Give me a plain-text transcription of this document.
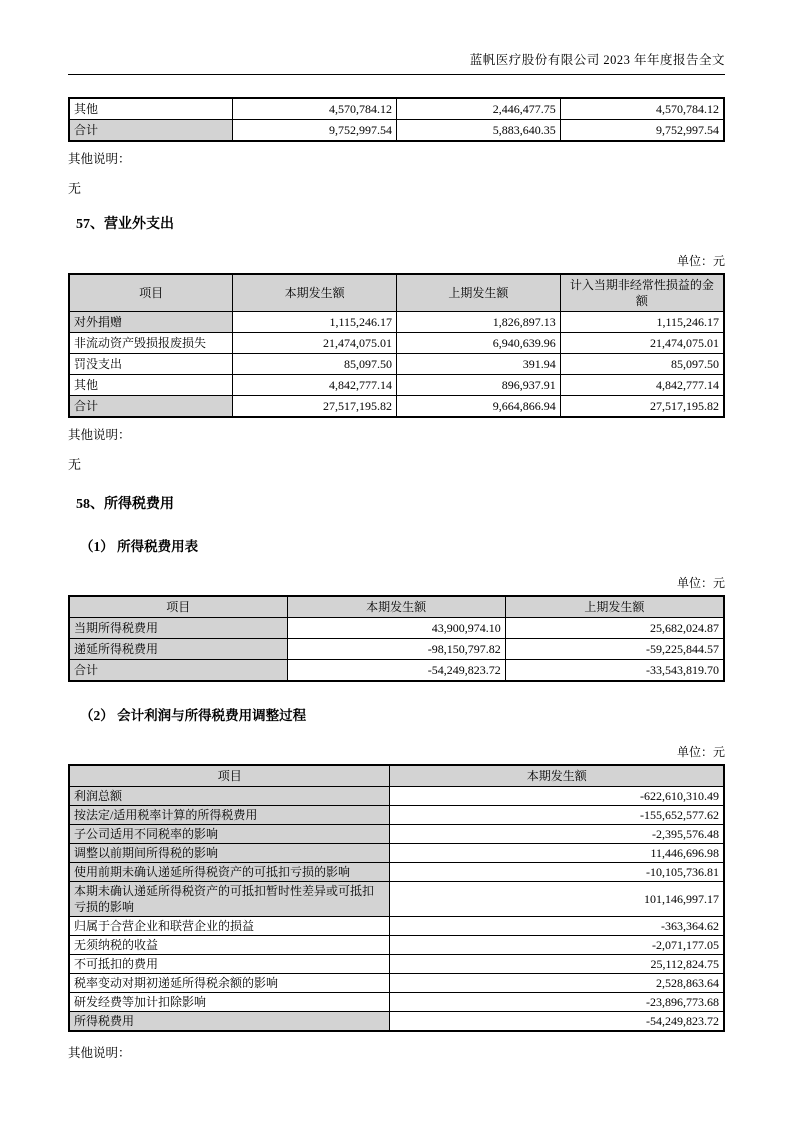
蓝帆医疗股份有限公司 2023 年年度报告全文
其他	4,570,784.12	2,446,477.75	4,570,784.12
合计	9,752,997.54	5,883,640.35	9,752,997.54
其他说明：
无
57、营业外支出
单位：元
项目	本期发生额	上期发生额	计入当期非经常性损益的金额
对外捐赠	1,115,246.17	1,826,897.13	1,115,246.17
非流动资产毁损报废损失	21,474,075.01	6,940,639.96	21,474,075.01
罚没支出	85,097.50	391.94	85,097.50
其他	4,842,777.14	896,937.91	4,842,777.14
合计	27,517,195.82	9,664,866.94	27,517,195.82
其他说明：
无
58、所得税费用
（1） 所得税费用表
单位：元
项目	本期发生额	上期发生额
当期所得税费用	43,900,974.10	25,682,024.87
递延所得税费用	-98,150,797.82	-59,225,844.57
合计	-54,249,823.72	-33,543,819.70
（2） 会计利润与所得税费用调整过程
单位：元
项目	本期发生额
利润总额	-622,610,310.49
按法定/适用税率计算的所得税费用	-155,652,577.62
子公司适用不同税率的影响	-2,395,576.48
调整以前期间所得税的影响	11,446,696.98
使用前期未确认递延所得税资产的可抵扣亏损的影响	-10,105,736.81
本期未确认递延所得税资产的可抵扣暂时性差异或可抵扣亏损的影响	101,146,997.17
归属于合营企业和联营企业的损益	-363,364.62
无须纳税的收益	-2,071,177.05
不可抵扣的费用	25,112,824.75
税率变动对期初递延所得税余额的影响	2,528,863.64
研发经费等加计扣除影响	-23,896,773.68
所得税费用	-54,249,823.72
其他说明：
